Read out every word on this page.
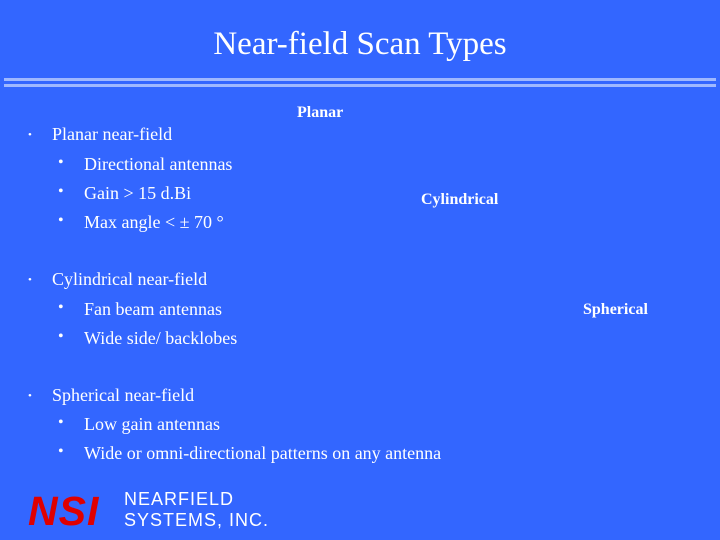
Near-field Scan Types
• Planar near-field
• Directional antennas
• Gain > 15 d.Bi
• Max angle < ± 70 °
• Cylindrical near-field
• Fan beam antennas
• Wide side/ backlobes
• Spherical near-field
• Low gain antennas
• Wide or omni-directional patterns on any antenna
Planar
Cylindrical
Spherical
NSI NEARFIELD
SYSTEMS, INC.
